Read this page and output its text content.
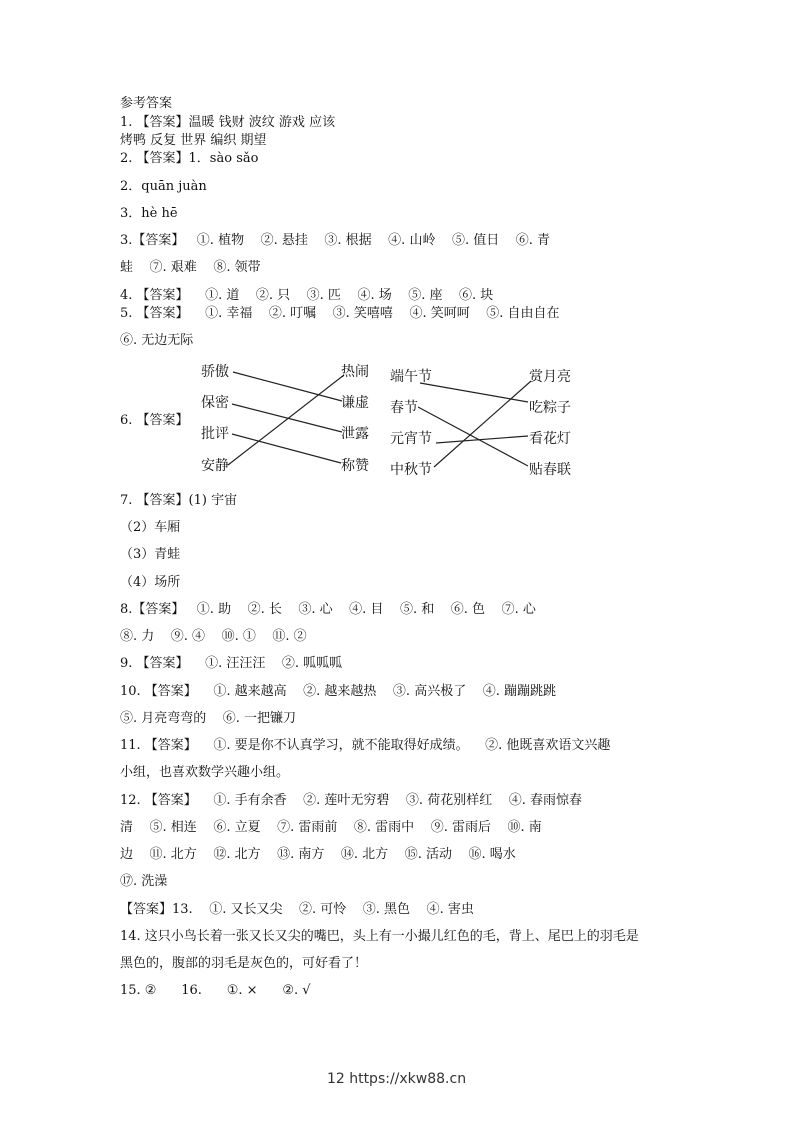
参考答案
1. 【答案】温暖 钱财 波纹 游戏 应该
烤鸭 反复 世界 编织 期望
2. 【答案】1．sào sǎo
2．quān juàn
3．hè hē
3.【答案】   ①. 植物    ②. 悬挂    ③. 根据    ④. 山岭    ⑤. 值日    ⑥. 青
蛙    ⑦. 艰难    ⑧. 领带
4. 【答案】    ①. 道    ②. 只    ③. 匹    ④. 场    ⑤. 座    ⑥. 块
5. 【答案】    ①. 幸福    ②. 叮嘱    ③. 笑嘻嘻    ④. 笑呵呵    ⑤. 自由自在
⑥. 无边无际
6. 【答案】
骄傲
保密
批评
安静
热闹
谦虚
泄露
称赞
端午节
春节
元宵节
中秋节
赏月亮
吃粽子
看花灯
贴春联
7. 【答案】(1) 宇宙
（2）车厢
（3）青蛙
（4）场所
8.【答案】   ①. 助    ②. 长    ③. 心    ④. 目    ⑤. 和    ⑥. 色    ⑦. 心
⑧. 力    ⑨. ④    ⑩. ①    ⑪. ②
9. 【答案】    ①. 汪汪汪    ②. 呱呱呱
10. 【答案】    ①. 越来越高    ②. 越来越热    ③. 高兴极了    ④. 蹦蹦跳跳
⑤. 月亮弯弯的    ⑥. 一把镰刀
11. 【答案】    ①. 要是你不认真学习，就不能取得好成绩。    ②. 他既喜欢语文兴趣
小组，也喜欢数学兴趣小组。
12. 【答案】    ①. 手有余香    ②. 莲叶无穷碧    ③. 荷花别样红    ④. 春雨惊春
清    ⑤. 相连    ⑥. 立夏    ⑦. 雷雨前    ⑧. 雷雨中    ⑨. 雷雨后    ⑩. 南
边    ⑪. 北方    ⑫. 北方    ⑬. 南方    ⑭. 北方    ⑮. 活动    ⑯. 喝水
⑰. 洗澡
【答案】13.    ①. 又长又尖    ②. 可怜    ③. 黑色    ④. 害虫
14. 这只小鸟长着一张又长又尖的嘴巴，头上有一小撮儿红色的毛，背上、尾巴上的羽毛是
黑色的，腹部的羽毛是灰色的，可好看了！
15. ②      16.      ①. ×      ②. √
12 https://xkw88.cn
